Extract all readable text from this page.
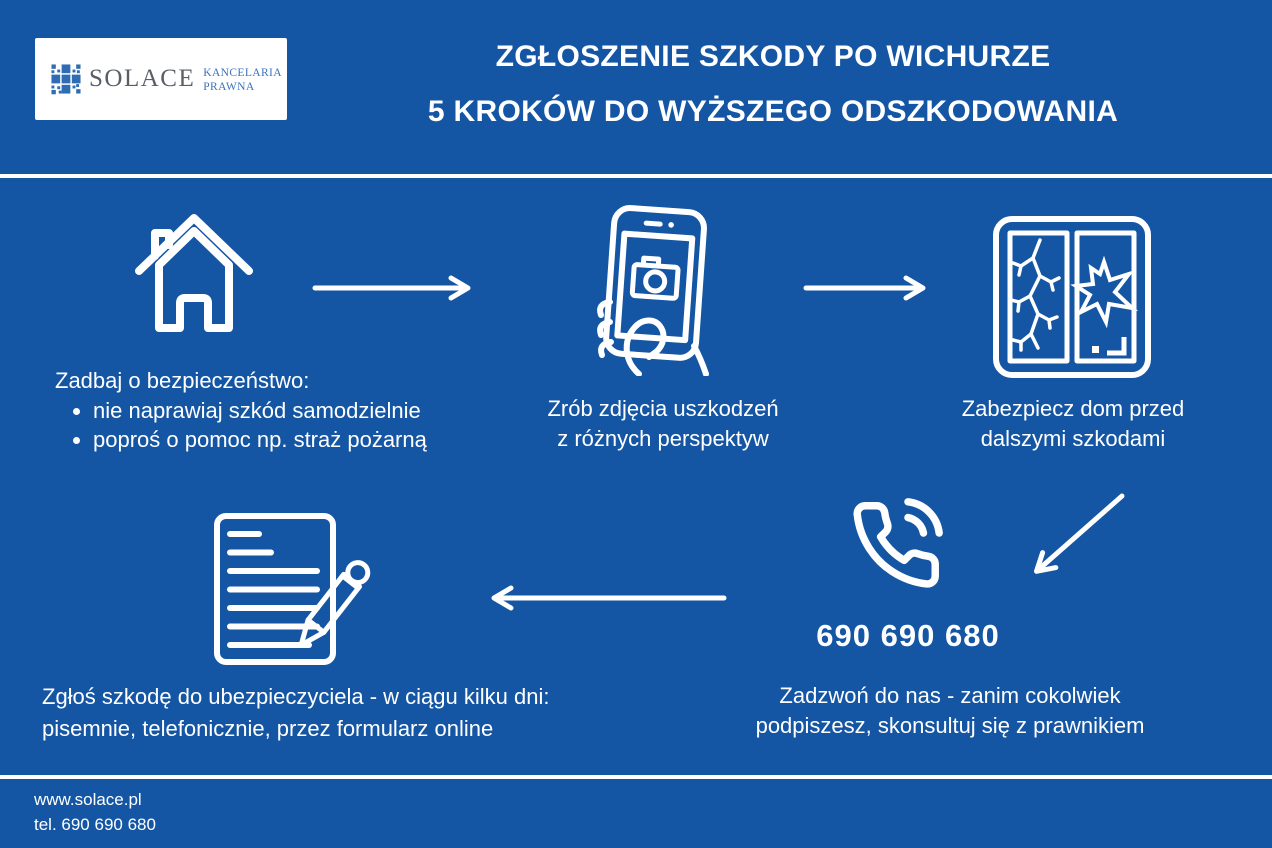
SOLACE KANCELARIA
PRAWNA
ZGŁOSZENIE SZKODY PO WICHURZE
5 KROKÓW DO WYŻSZEGO ODSZKODOWANIA
Zadbaj o bezpieczeństwo:
• nie naprawiaj szkód samodzielnie
• poproś o pomoc np. straż pożarną
Zrób zdjęcia uszkodzeń
z różnych perspektyw
Zabezpiecz dom przed
dalszymi szkodami
690 690 680
Zadzwoń do nas - zanim cokolwiek
podpiszesz, skonsultuj się z prawnikiem
Zgłoś szkodę do ubezpieczyciela - w ciągu kilku dni:
pisemnie, telefonicznie, przez formularz online
www.solace.pl
tel. 690 690 680
